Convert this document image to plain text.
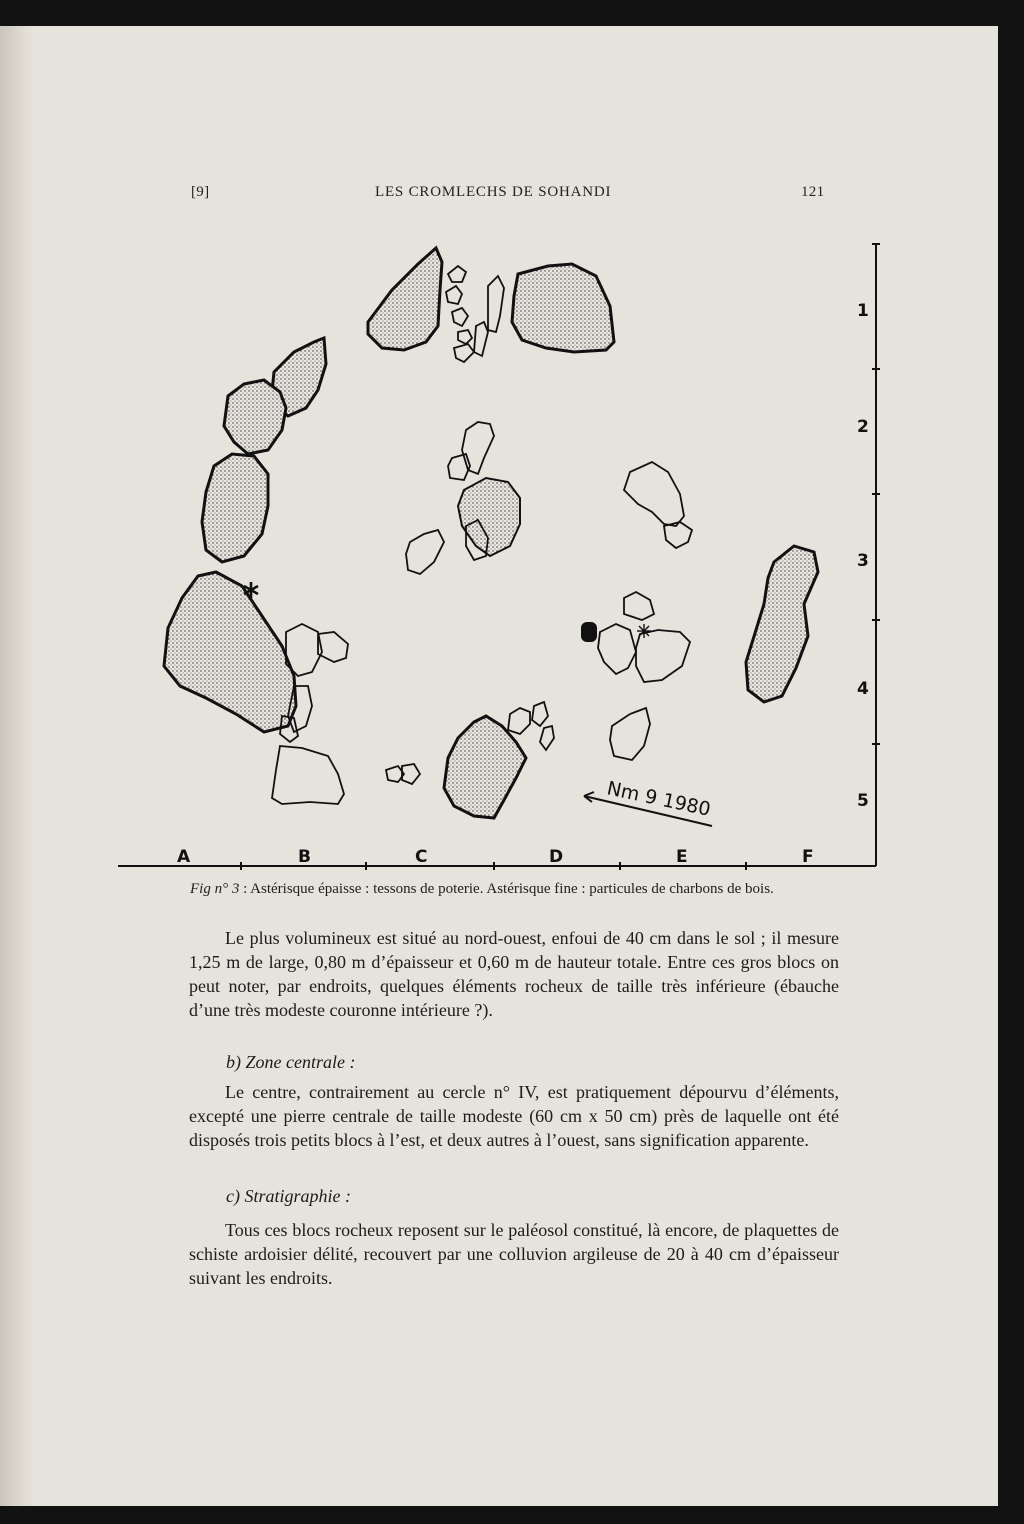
[9]	LES CROMLECHS DE SOHANDI	121
Nm 9 1980
A	B	C	D	E	F
1
2
3
4
5
Fig n° 3 : Astérisque épaisse : tessons de poterie. Astérisque fine : particules de charbons de bois.

Le plus volumineux est situé au nord-ouest, enfoui de 40 cm dans le sol ; il mesure 1,25 m de large, 0,80 m d’épaisseur et 0,60 m de hauteur totale. Entre ces gros blocs on peut noter, par endroits, quelques éléments rocheux de taille très inférieure (ébauche d’une très modeste couronne intérieure ?).

b) Zone centrale :

Le centre, contrairement au cercle n° IV, est pratiquement dépourvu d’éléments, excepté une pierre centrale de taille modeste (60 cm x 50 cm) près de laquelle ont été disposés trois petits blocs à l’est, et deux autres à l’ouest, sans signification apparente.

c) Stratigraphie :

Tous ces blocs rocheux reposent sur le paléosol constitué, là encore, de plaquettes de schiste ardoisier délité, recouvert par une colluvion argileuse de 20 à 40 cm d’épaisseur suivant les endroits.
